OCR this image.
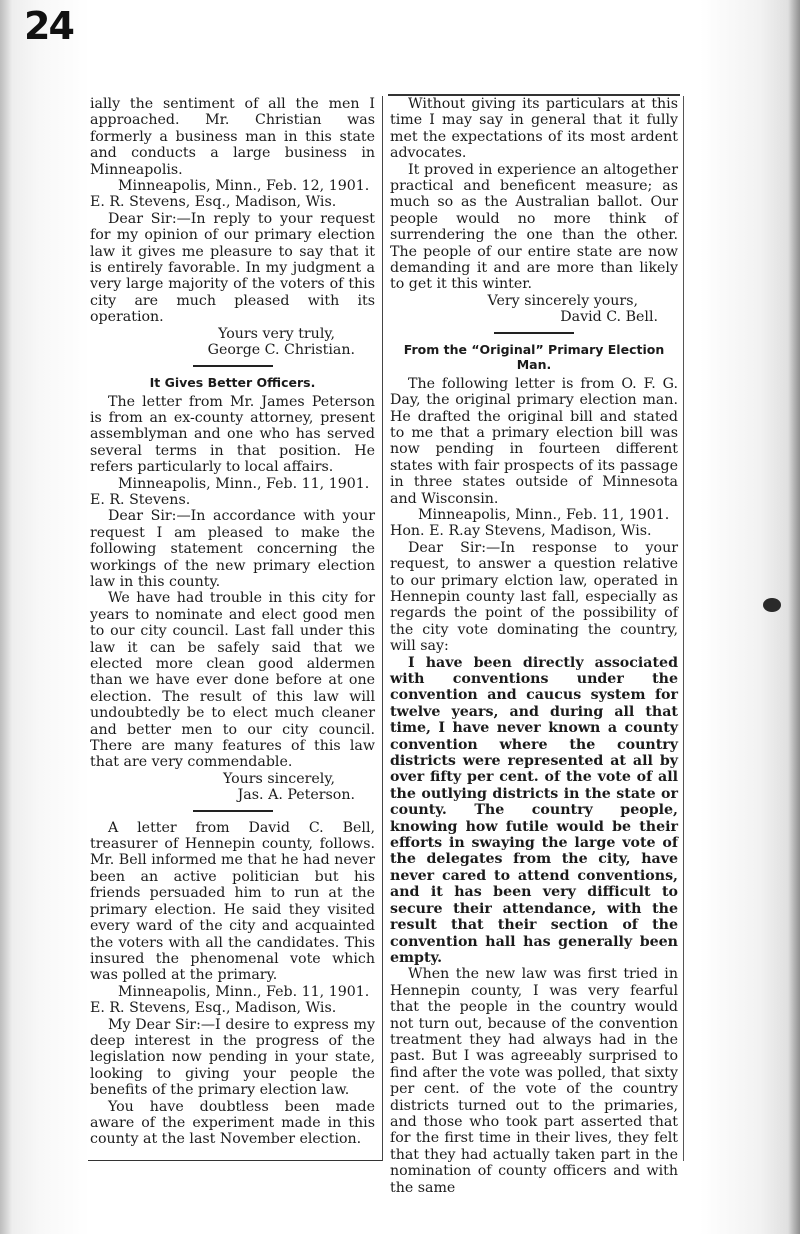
24

ially the sentiment of all the men I approached. Mr. Christian was formerly a business man in this state and conducts a large business in Minneapolis.

Minneapolis, Minn., Feb. 12, 1901.

E. R. Stevens, Esq., Madison, Wis.

Dear Sir:—In reply to your request for my opinion of our primary election law it gives me pleasure to say that it is entirely favorable. In my judgment a very large majority of the voters of this city are much pleased with its operation.

Yours very truly,

George C. Christian.

It Gives Better Officers.

The letter from Mr. James Peterson is from an ex-county attorney, present assemblyman and one who has served several terms in that position. He refers particularly to local affairs.

Minneapolis, Minn., Feb. 11, 1901.

E. R. Stevens.

Dear Sir:—In accordance with your request I am pleased to make the following statement concerning the workings of the new primary election law in this county.

We have had trouble in this city for years to nominate and elect good men to our city council. Last fall under this law it can be safely said that we elected more clean good aldermen than we have ever done before at one election. The result of this law will undoubtedly be to elect much cleaner and better men to our city council. There are many features of this law that are very commendable.

Yours sincerely,

Jas. A. Peterson.

A letter from David C. Bell, treasurer of Hennepin county, follows. Mr. Bell informed me that he had never been an active politician but his friends persuaded him to run at the primary election. He said they visited every ward of the city and acquainted the voters with all the candidates. This insured the phenomenal vote which was polled at the primary.

Minneapolis, Minn., Feb. 11, 1901.

E. R. Stevens, Esq., Madison, Wis.

My Dear Sir:—I desire to express my deep interest in the progress of the legislation now pending in your state, looking to giving your people the benefits of the primary election law.

You have doubtless been made aware of the experiment made in this county at the last November election.

Without giving its particulars at this time I may say in general that it fully met the expectations of its most ardent advocates.

It proved in experience an altogether practical and beneficent measure; as much so as the Australian ballot. Our people would no more think of surrendering the one than the other. The people of our entire state are now demanding it and are more than likely to get it this winter.

Very sincerely yours,

David C. Bell.

From the “Original” Primary Election Man.

The following letter is from O. F. G. Day, the original primary election man. He drafted the original bill and stated to me that a primary election bill was now pending in fourteen different states with fair prospects of its passage in three states outside of Minnesota and Wisconsin.

Minneapolis, Minn., Feb. 11, 1901.

Hon. E. R.ay Stevens, Madison, Wis.

Dear Sir:—In response to your request, to answer a question relative to our primary elction law, operated in Hennepin county last fall, especially as regards the point of the possibility of the city vote dominating the country, will say:

I have been directly associated with conventions under the convention and caucus system for twelve years, and during all that time, I have never known a county convention where the country districts were represented at all by over fifty per cent. of the vote of all the outlying districts in the state or county. The country people, knowing how futile would be their efforts in swaying the large vote of the delegates from the city, have never cared to attend conventions, and it has been very difficult to secure their attendance, with the result that their section of the convention hall has generally been empty.

When the new law was first tried in Hennepin county, I was very fearful that the people in the country would not turn out, because of the convention treatment they had always had in the past. But I was agreeably surprised to find after the vote was polled, that sixty per cent. of the vote of the country districts turned out to the primaries, and those who took part asserted that for the first time in their lives, they felt that they had actually taken part in the nomination of county officers and with the same
